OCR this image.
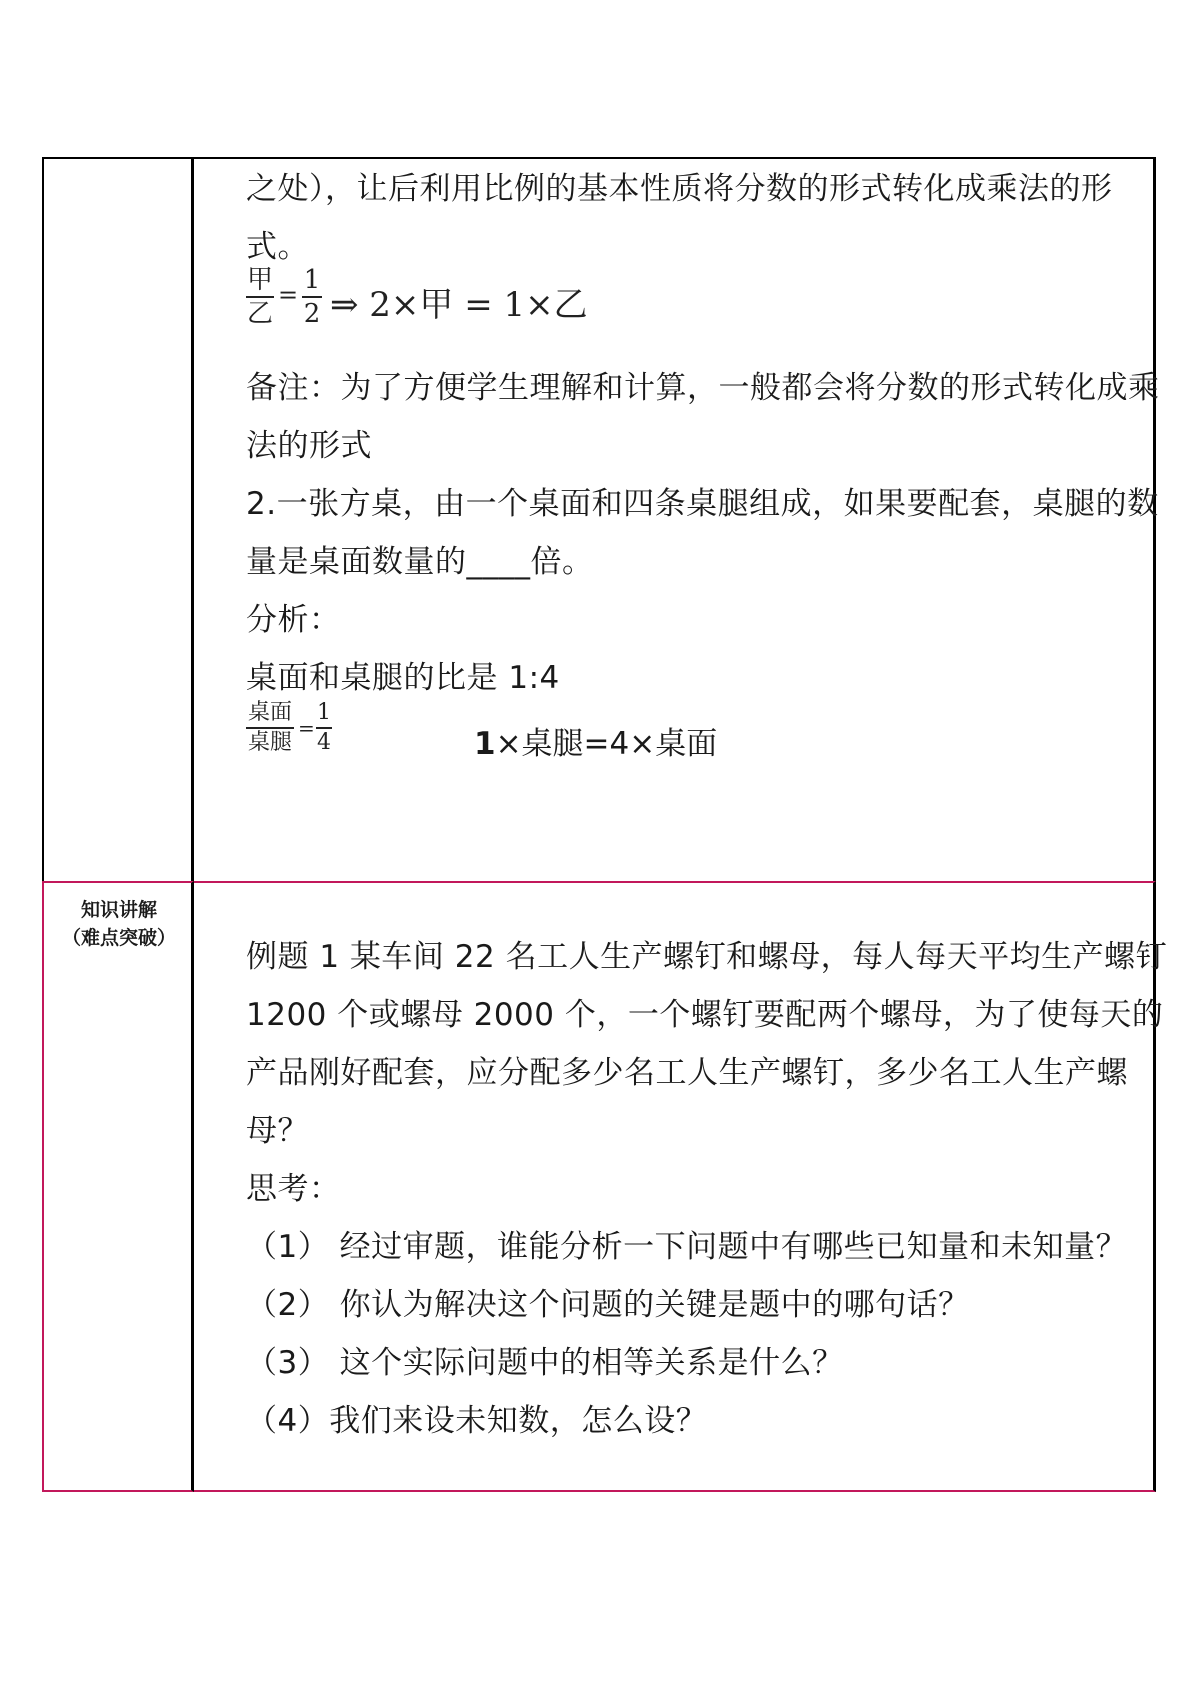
之处），让后利用比例的基本性质将分数的形式转化成乘法的形
式。
甲
乙
= 1
2 ⇒ 2×甲 = 1×乙
备注：为了方便学生理解和计算，一般都会将分数的形式转化成乘
法的形式
2.一张方桌，由一个桌面和四条桌腿组成，如果要配套，桌腿的数
量是桌面数量的____倍。
分析：
桌面和桌腿的比是 1:4
桌面
桌腿
=
1
4	1×桌腿=4×桌面
知识讲解
（难点突破）
例题 1 某车间 22 名工人生产螺钉和螺母，每人每天平均生产螺钉
1200 个或螺母 2000 个，一个螺钉要配两个螺母，为了使每天的
产品刚好配套，应分配多少名工人生产螺钉，多少名工人生产螺
母？
思考：
（1） 经过审题，谁能分析一下问题中有哪些已知量和未知量？
（2） 你认为解决这个问题的关键是题中的哪句话？
（3） 这个实际问题中的相等关系是什么？
（4）我们来设未知数，怎么设？
